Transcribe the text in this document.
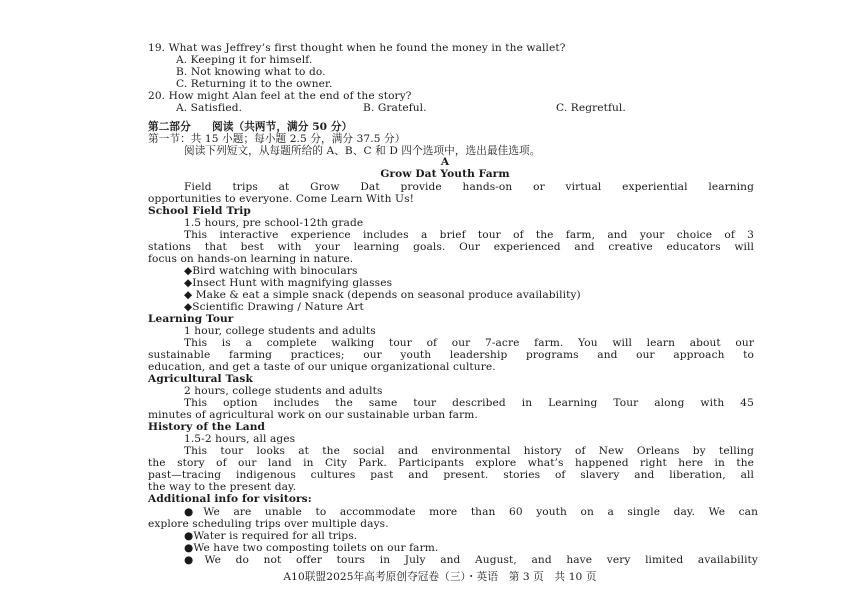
19. What was Jeffrey’s first thought when he found the money in the wallet?
A. Keeping it for himself.
B. Not knowing what to do.
C. Returning it to the owner.
20. How might Alan feel at the end of the story?
A. Satisfied.	B. Grateful.	C. Regretful.
第二部分　　阅读（共两节，满分 50 分）
第一节：共 15 小题；每小题 2.5 分，满分 37.5 分）
阅读下列短文，从每题所给的 A、B、C 和 D 四个选项中，选出最佳选项。
A
Grow Dat Youth Farm
Field trips at Grow Dat provide hands-on or virtual experiential learning
opportunities to everyone. Come Learn With Us!
School Field Trip
1.5 hours, pre school-12th grade
This interactive experience includes a brief tour of the farm, and your choice of 3
stations that best with your learning goals. Our experienced and creative educators will
focus on hands-on learning in nature.
◆Bird watching with binoculars
◆Insect Hunt with magnifying glasses
◆ Make & eat a simple snack (depends on seasonal produce availability)
◆Scientific Drawing / Nature Art
Learning Tour
1 hour, college students and adults
This is a complete walking tour of our 7-acre farm. You will learn about our
sustainable farming practices; our youth leadership programs and our approach to
education, and get a taste of our unique organizational culture.
Agricultural Task
2 hours, college students and adults
This option includes the same tour described in Learning Tour along with 45
minutes of agricultural work on our sustainable urban farm.
History of the Land
1.5-2 hours, all ages
This tour looks at the social and environmental history of New Orleans by telling
the story of our land in City Park. Participants explore what’s happened right here in the
past—tracing indigenous cultures past and present. stories of slavery and liberation, all
the way to the present day.
Additional info for visitors:
●We are unable to accommodate more than 60 youth on a single day. We can
explore scheduling trips over multiple days.
●Water is required for all trips.
●We have two composting toilets on our farm.
●We do not offer tours in July and August, and have very limited availability
A10联盟2025年高考原创夺冠卷（三）・英语　第 3 页　共 10 页
